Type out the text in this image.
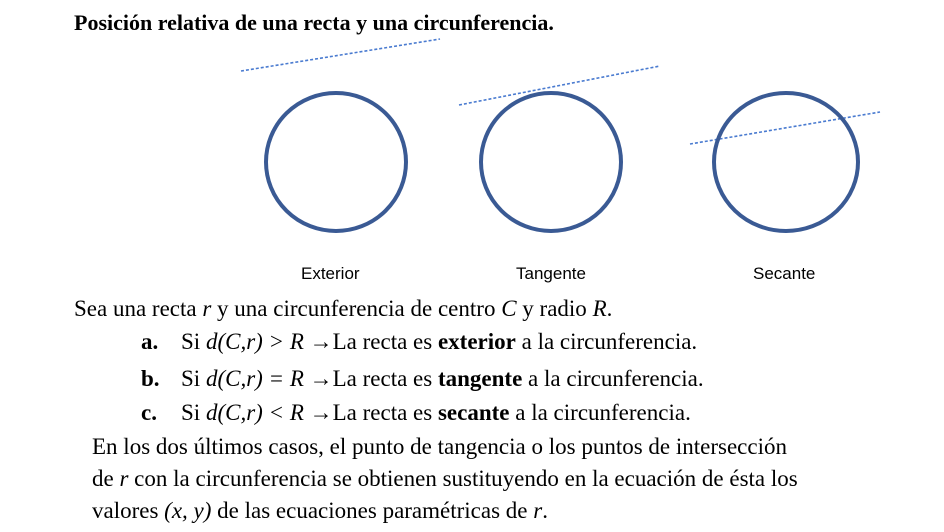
Posición relativa de una recta y una circunferencia.
Exterior	Tangente	Secante
Sea una recta r y una circunferencia de centro C y radio R.
a. Si d(C,r) > R →La recta es exterior a la circunferencia.
b. Si d(C,r) = R →La recta es tangente a la circunferencia.
c. Si d(C,r) < R →La recta es secante a la circunferencia.
En los dos últimos casos, el punto de tangencia o los puntos de intersección
de r con la circunferencia se obtienen sustituyendo en la ecuación de ésta los
valores (x, y) de las ecuaciones paramétricas de r.
